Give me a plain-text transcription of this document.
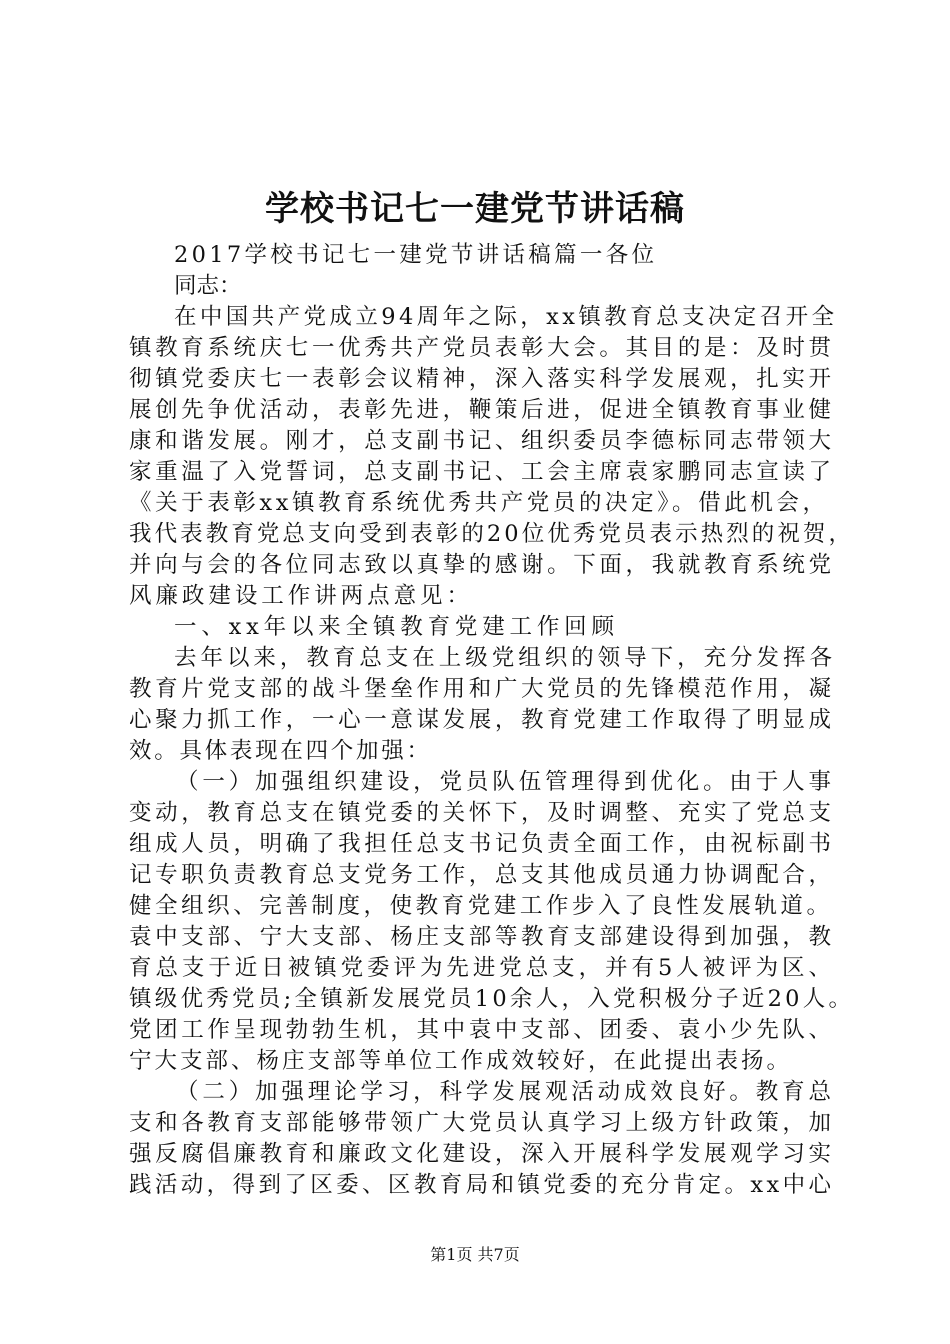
学校书记七一建党节讲话稿

2017学校书记七一建党节讲话稿篇一各位

同志：

在中国共产党成立94周年之际，xx镇教育总支决定召开全

镇教育系统庆七一优秀共产党员表彰大会。其目的是：及时贯

彻镇党委庆七一表彰会议精神，深入落实科学发展观，扎实开

展创先争优活动，表彰先进，鞭策后进，促进全镇教育事业健

康和谐发展。刚才，总支副书记、组织委员李德标同志带领大

家重温了入党誓词，总支副书记、工会主席袁家鹏同志宣读了

《关于表彰xx镇教育系统优秀共产党员的决定》。借此机会，

我代表教育党总支向受到表彰的20位优秀党员表示热烈的祝贺，

并向与会的各位同志致以真挚的感谢。下面，我就教育系统党

风廉政建设工作讲两点意见：

一、xx年以来全镇教育党建工作回顾

去年以来，教育总支在上级党组织的领导下，充分发挥各

教育片党支部的战斗堡垒作用和广大党员的先锋模范作用，凝

心聚力抓工作，一心一意谋发展，教育党建工作取得了明显成

效。具体表现在四个加强：

（一）加强组织建设，党员队伍管理得到优化。由于人事

变动，教育总支在镇党委的关怀下，及时调整、充实了党总支

组成人员，明确了我担任总支书记负责全面工作，由祝标副书

记专职负责教育总支党务工作，总支其他成员通力协调配合，

健全组织、完善制度，使教育党建工作步入了良性发展轨道。

袁中支部、宁大支部、杨庄支部等教育支部建设得到加强，教

育总支于近日被镇党委评为先进党总支，并有5人被评为区、

镇级优秀党员;全镇新发展党员10余人，入党积极分子近20人。

党团工作呈现勃勃生机，其中袁中支部、团委、袁小少先队、

宁大支部、杨庄支部等单位工作成效较好，在此提出表扬。

（二）加强理论学习，科学发展观活动成效良好。教育总

支和各教育支部能够带领广大党员认真学习上级方针政策，加

强反腐倡廉教育和廉政文化建设，深入开展科学发展观学习实

践活动，得到了区委、区教育局和镇党委的充分肯定。xx中心

第1页 共7页
